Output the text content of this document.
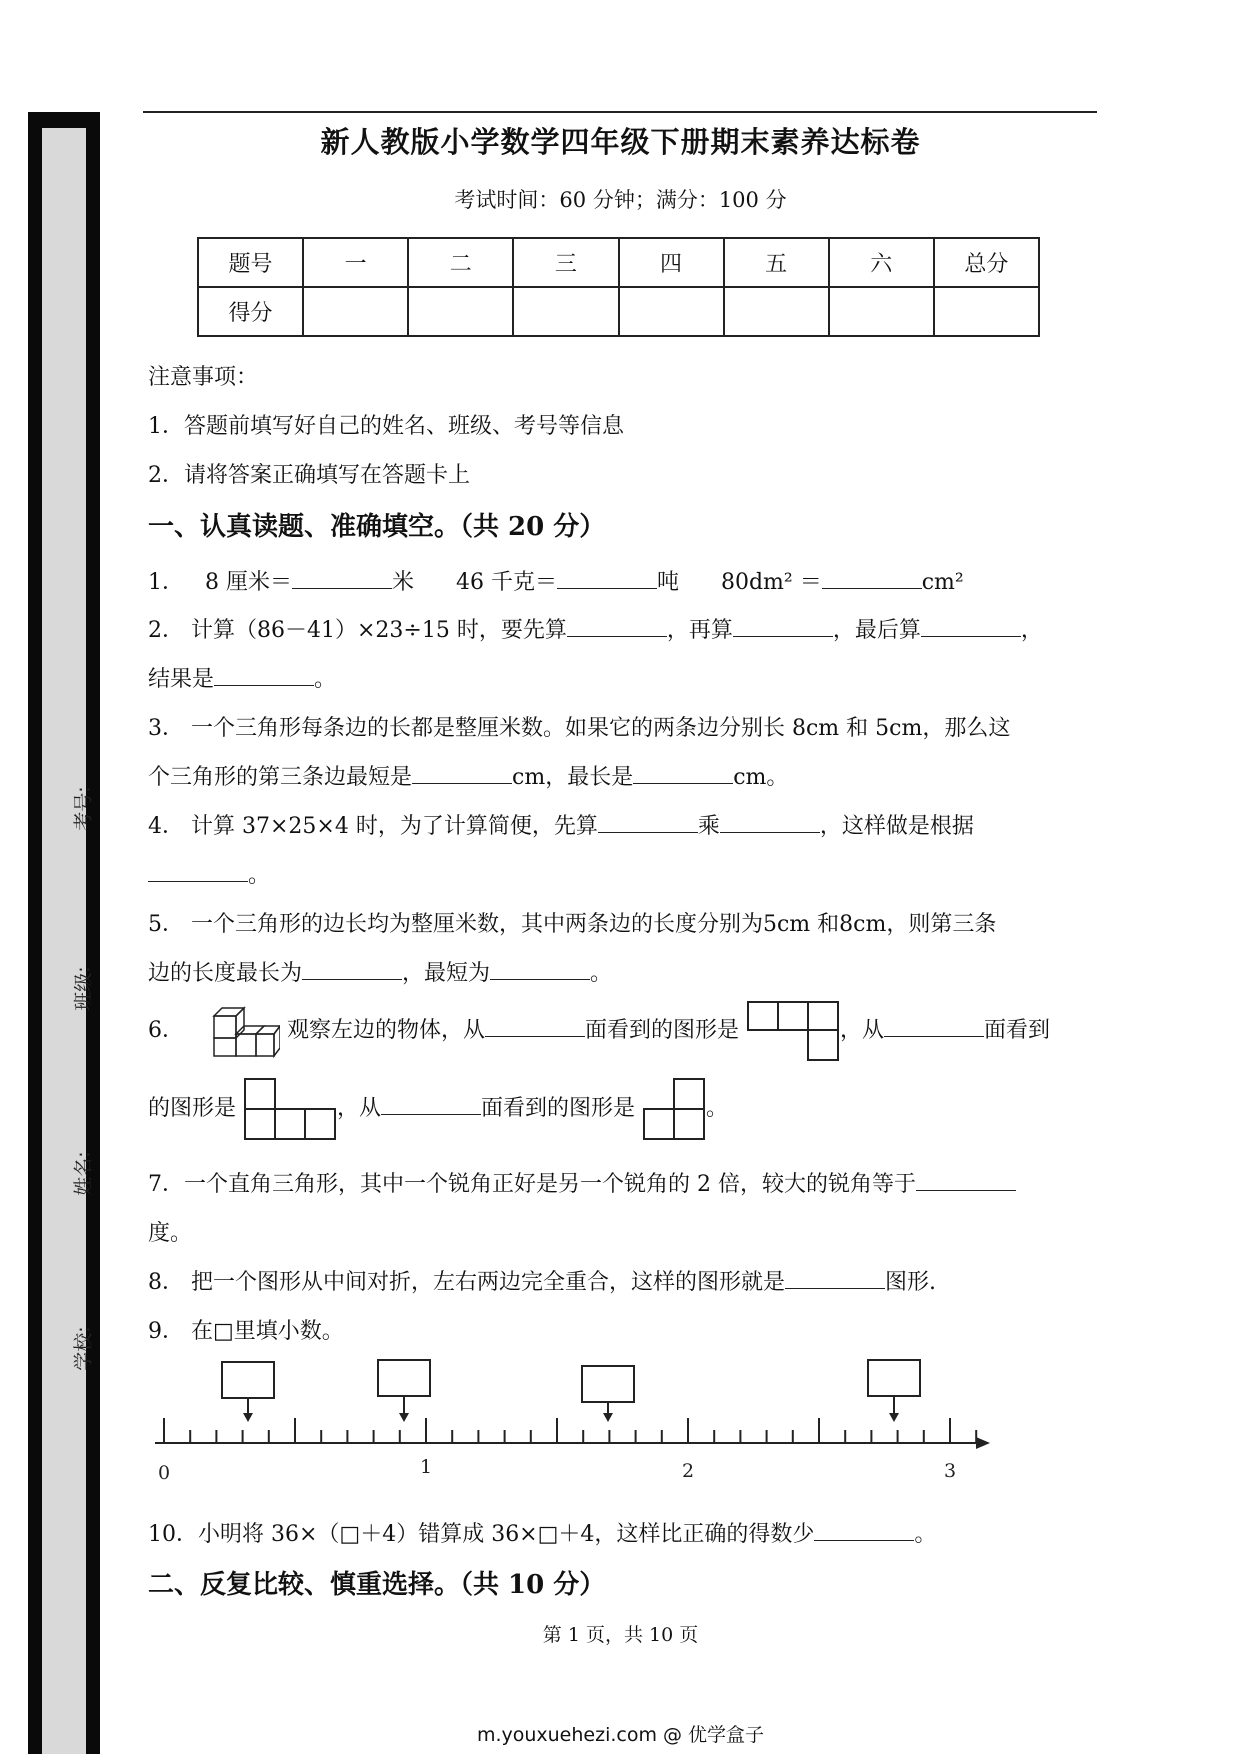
考号:
班级:
姓名:
学校:
新人教版小学数学四年级下册期末素养达标卷
考试时间：60 分钟；满分：100 分
题号	一	二	三	四	五	六	总分
得分							
注意事项：
1．答题前填写好自己的姓名、班级、考号等信息
2．请将答案正确填写在答题卡上
一、认真读题、准确填空。（共 20 分）
1． 8 厘米＝	米 46 千克＝	吨 80dm² ＝	cm²
2． 计算（86－41）×23÷15 时，要先算	，再算	，最后算	，
结果是	。
3． 一个三角形每条边的长都是整厘米数。如果它的两条边分别长 8cm 和 5cm，那么这
个三角形的第三条边最短是	cm，最长是	cm。
4． 计算 37×25×4 时，为了计算简便，先算	乘	，这样做是根据
。
5． 一个三角形的边长均为整厘米数，其中两条边的长度分别为5cm 和8cm，则第三条
边的长度最长为	，最短为	。
6．	观察左边的物体，从	面看到的图形是	，从	面看到
的图形是	，从	面看到的图形是	。
7．一个直角三角形，其中一个锐角正好是另一个锐角的 2 倍，较大的锐角等于
度。
8． 把一个图形从中间对折，左右两边完全重合，这样的图形就是	图形.
9． 在□里填小数。
0	1	2	3
10．小明将 36×（□＋4）错算成 36×□＋4，这样比正确的得数少	。
二、反复比较、慎重选择。（共 10 分）
第 1 页，共 10 页
m.youxuehezi.com @ 优学盒子
